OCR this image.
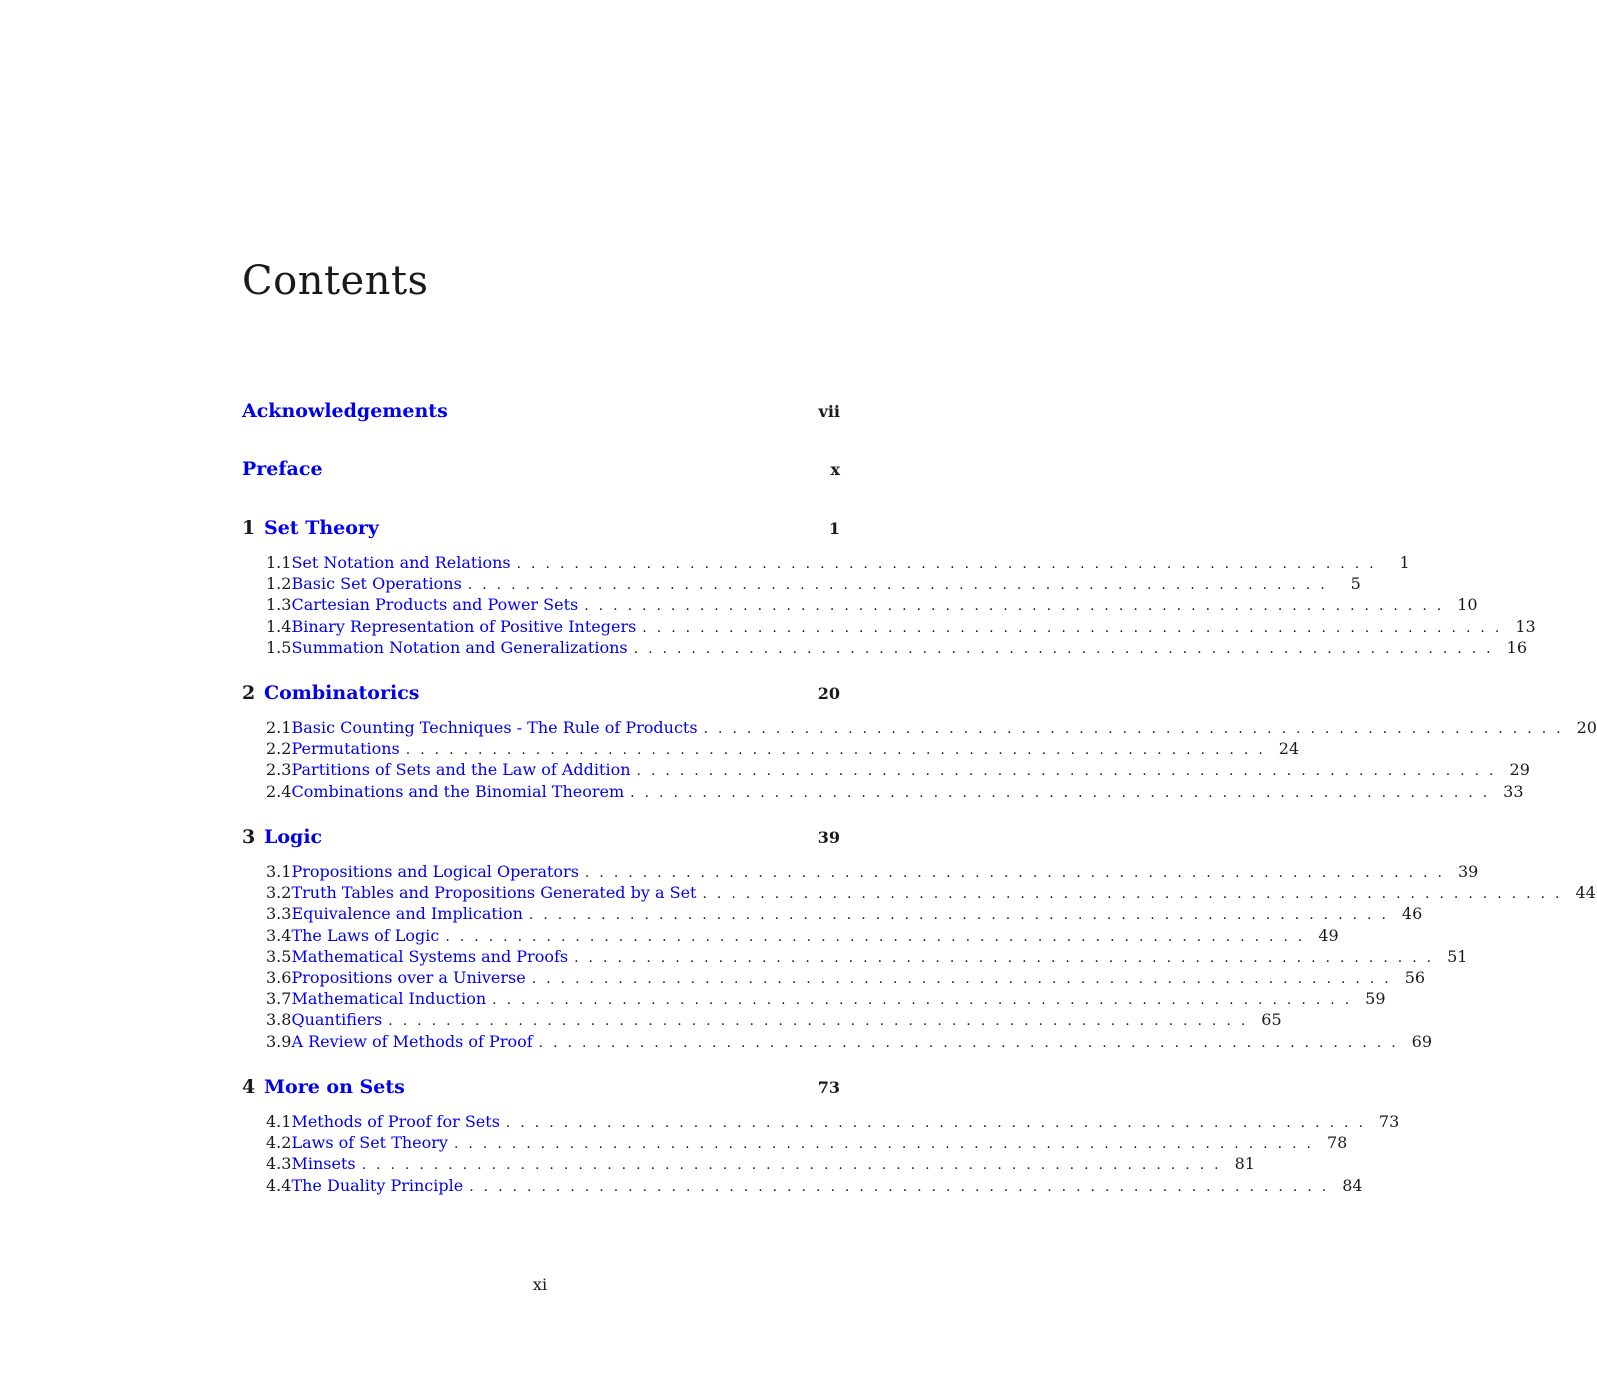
Contents
Acknowledgements	vii
Preface	x
1 Set Theory	1
1.1 Set Notation and Relations ............................................................ 1
1.2 Basic Set Operations ............................................................ 5
1.3 Cartesian Products and Power Sets ............................................................ 10
1.4 Binary Representation of Positive Integers ............................................................ 13
1.5 Summation Notation and Generalizations ............................................................ 16
2 Combinatorics	20
2.1 Basic Counting Techniques - The Rule of Products ............................................................ 20
2.2 Permutations ............................................................ 24
2.3 Partitions of Sets and the Law of Addition ............................................................ 29
2.4 Combinations and the Binomial Theorem ............................................................ 33
3 Logic	39
3.1 Propositions and Logical Operators ............................................................ 39
3.2 Truth Tables and Propositions Generated by a Set ............................................................ 44
3.3 Equivalence and Implication ............................................................ 46
3.4 The Laws of Logic ............................................................ 49
3.5 Mathematical Systems and Proofs ............................................................ 51
3.6 Propositions over a Universe ............................................................ 56
3.7 Mathematical Induction ............................................................ 59
3.8 Quantifiers ............................................................ 65
3.9 A Review of Methods of Proof ............................................................ 69
4 More on Sets	73
4.1 Methods of Proof for Sets ............................................................ 73
4.2 Laws of Set Theory ............................................................ 78
4.3 Minsets ............................................................ 81
4.4 The Duality Principle ............................................................ 84
xi
